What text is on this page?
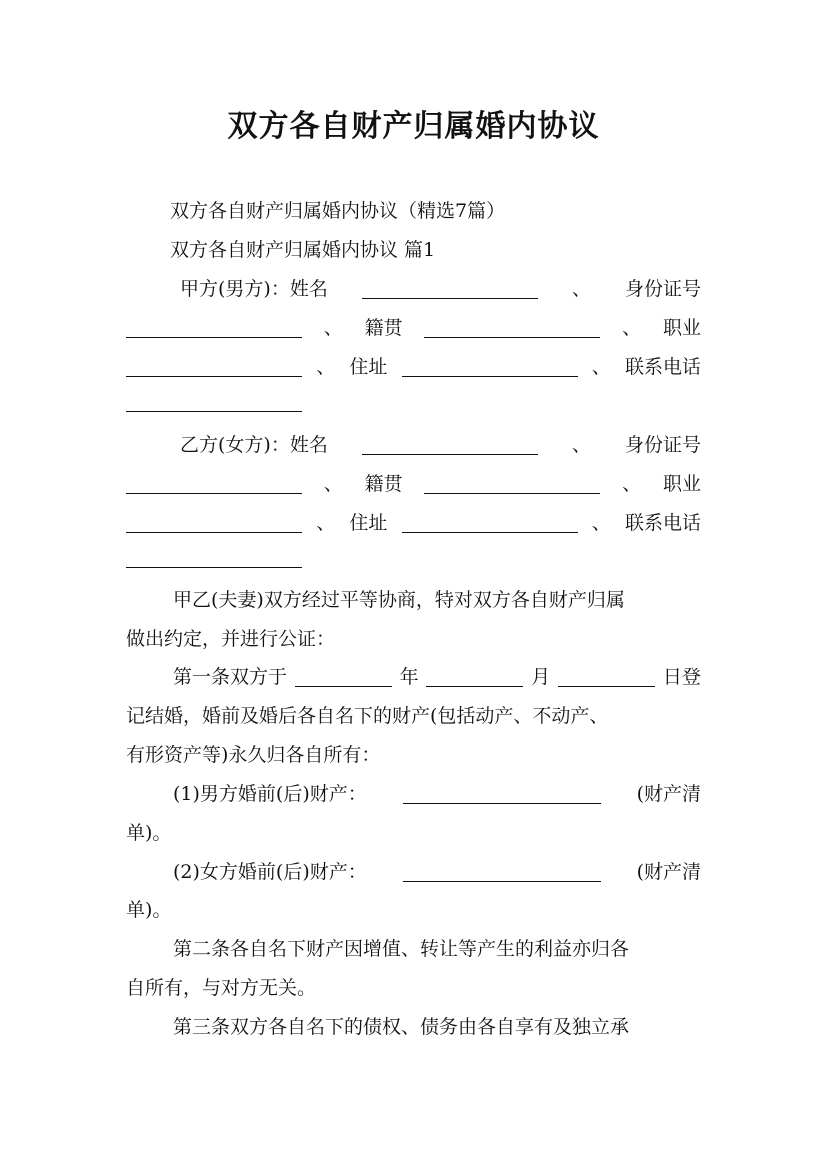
双方各自财产归属婚内协议
双方各自财产归属婚内协议（精选7篇）
双方各自财产归属婚内协议 篇1
甲方(男方)：姓名	、 身份证号
、 籍贯	、 职业
、 住址	、 联系电话
乙方(女方)：姓名	、 身份证号
、 籍贯	、 职业
、 住址	、 联系电话
甲乙(夫妻)双方经过平等协商，特对双方各自财产归属
做出约定，并进行公证：
第一条双方于	年	月	日登
记结婚，婚前及婚后各自名下的财产(包括动产、不动产、
有形资产等)永久归各自所有：
(1)男方婚前(后)财产：	(财产清
单)。
(2)女方婚前(后)财产：	(财产清
单)。
第二条各自名下财产因增值、转让等产生的利益亦归各
自所有，与对方无关。
第三条双方各自名下的债权、债务由各自享有及独立承
